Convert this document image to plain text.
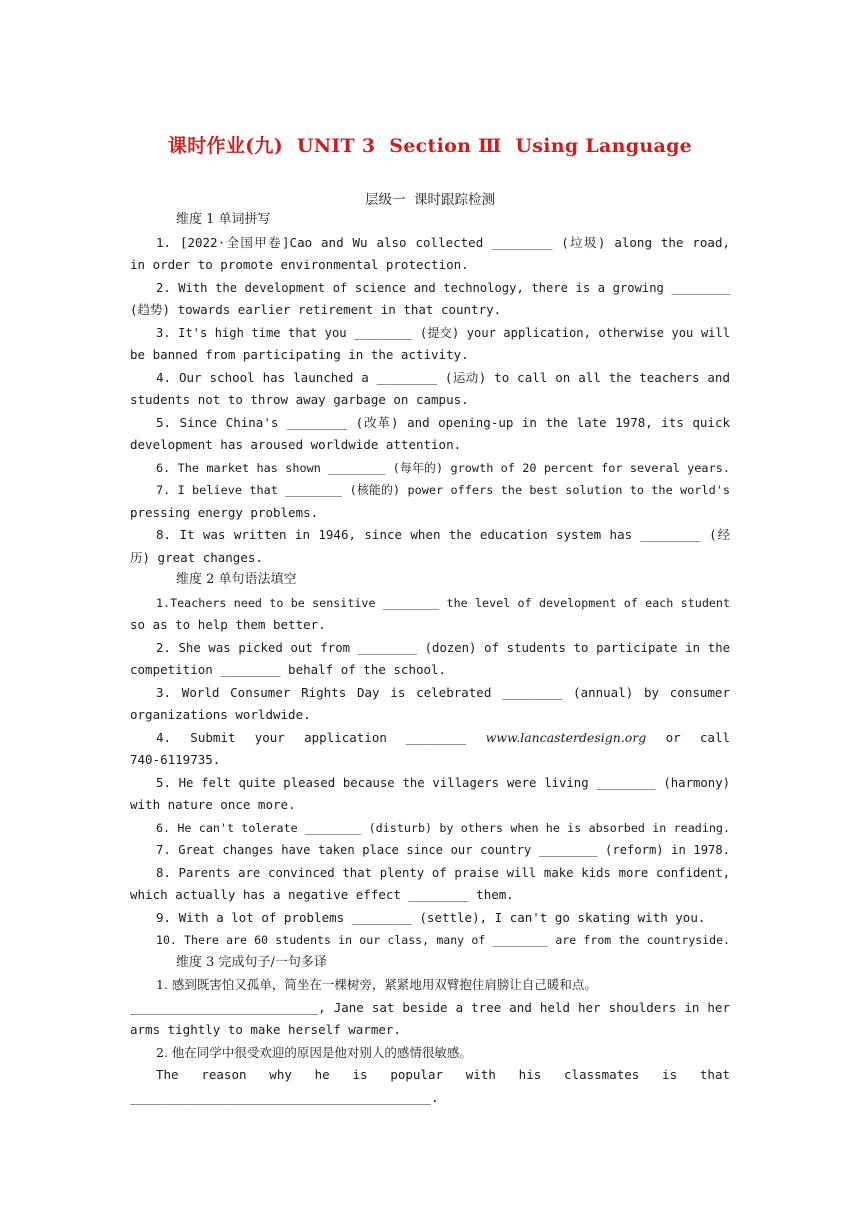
课时作业(九)  UNIT 3  Section Ⅲ  Using Language
层级一  课时跟踪检测
维度 1 单词拼写
1. [2022·全国甲卷]Cao and Wu also collected ________ (垃圾) along the road,
in order to promote environmental protection.
2. With the development of science and technology, there is a growing ________
(趋势) towards earlier retirement in that country.
3. It's high time that you ________ (提交) your application, otherwise you will
be banned from participating in the activity.
4. Our school has launched a ________ (运动) to call on all the teachers and
students not to throw away garbage on campus.
5. Since China's ________ (改革) and opening-up in the late 1978, its quick
development has aroused worldwide attention.
6. The market has shown ________ (每年的) growth of 20 percent for several years.
7. I believe that ________ (核能的) power offers the best solution to the world's
pressing energy problems.
8. It was written in 1946, since when the education system has ________ (经
历) great changes.
维度 2 单句语法填空
1.Teachers need to be sensitive ________ the level of development of each student
so as to help them better.
2. She was picked out from ________ (dozen) of students to participate in the
competition ________ behalf of the school.
3. World Consumer Rights Day is celebrated ________ (annual) by consumer
organizations worldwide.
4. Submit your application ________ www.lancasterdesign.org or call
740-6119735.
5. He felt quite pleased because the villagers were living ________ (harmony)
with nature once more.
6. He can't tolerate ________ (disturb) by others when he is absorbed in reading.
7. Great changes have taken place since our country ________ (reform) in 1978.
8. Parents are convinced that plenty of praise will make kids more confident,
which actually has a negative effect ________ them.
9. With a lot of problems ________ (settle), I can't go skating with you.
10. There are 60 students in our class, many of ________ are from the countryside.
维度 3 完成句子/一句多译
1. 感到既害怕又孤单，简坐在一棵树旁，紧紧地用双臂抱住肩膀让自己暖和点。
_________________________, Jane sat beside a tree and held her shoulders in her
arms tightly to make herself warmer.
2. 他在同学中很受欢迎的原因是他对别人的感情很敏感。
The reason why he is popular with his classmates is that
________________________________________.
